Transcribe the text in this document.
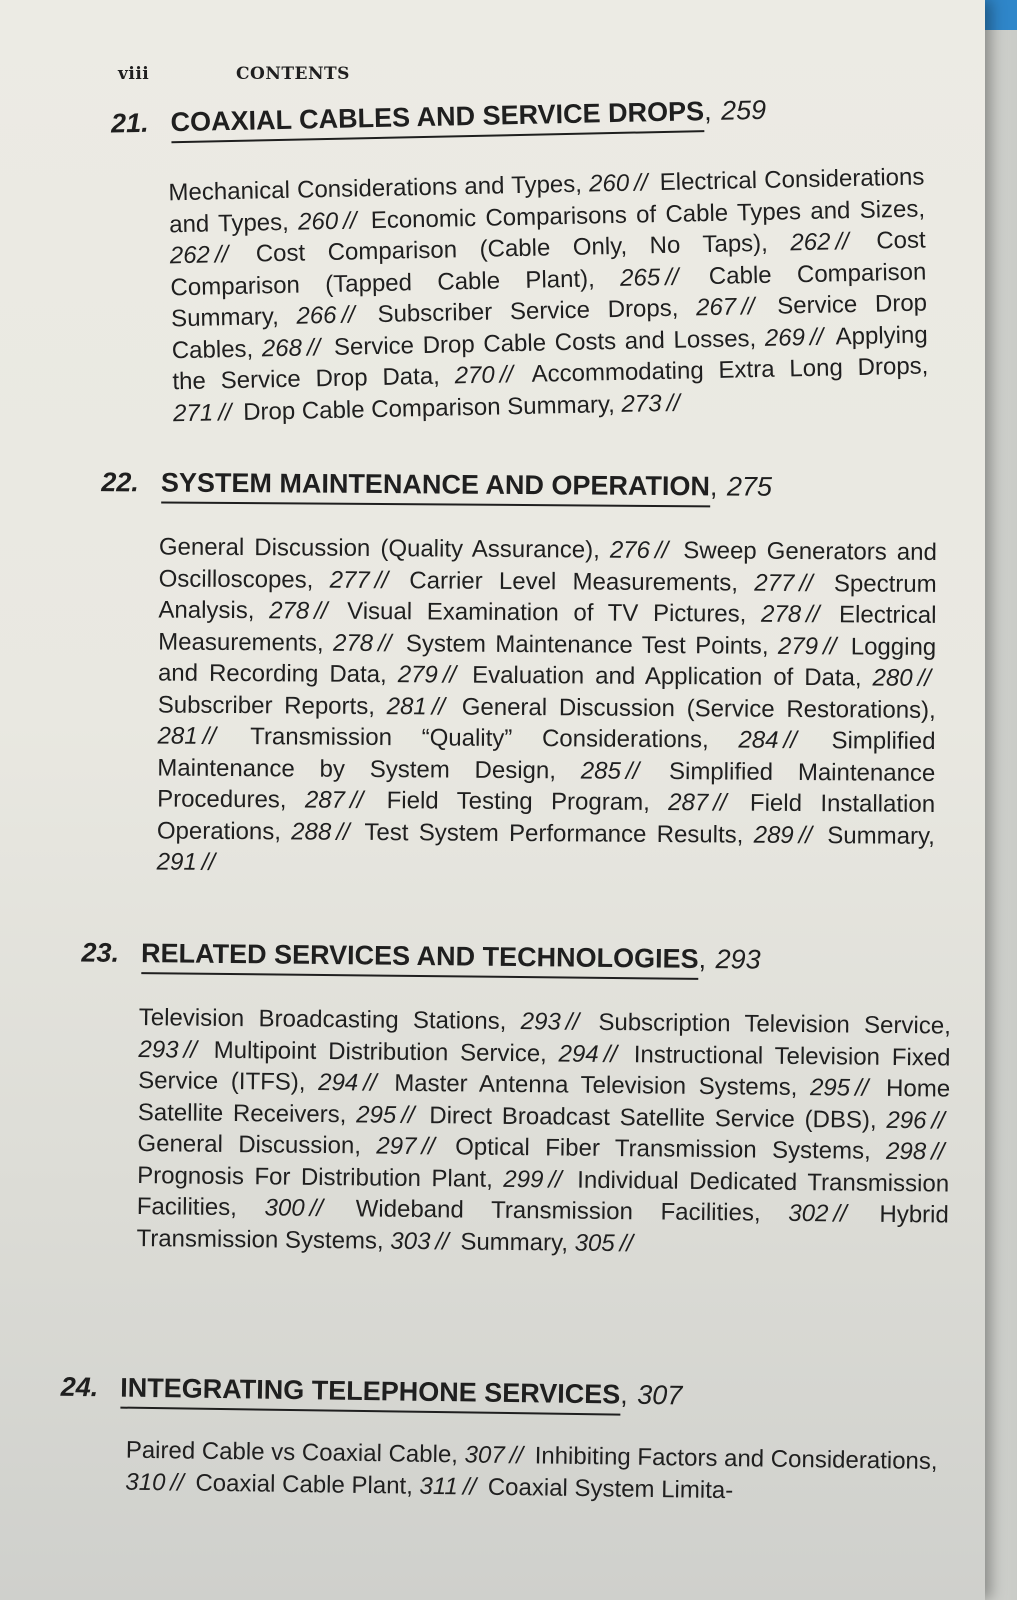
viii	CONTENTS
21. COAXIAL CABLES AND SERVICE DROPS, 259
Mechanical Considerations and Types, 260 // Electrical Considerations and Types, 260 // Economic Comparisons of Cable Types and Sizes, 262 // Cost Comparison (Cable Only, No Taps), 262 // Cost Comparison (Tapped Cable Plant), 265 // Cable Comparison Summary, 266 // Subscriber Service Drops, 267 // Service Drop Cables, 268 // Service Drop Cable Costs and Losses, 269 // Applying the Service Drop Data, 270 // Accommodating Extra Long Drops, 271 // Drop Cable Comparison Summary, 273 //
22. SYSTEM MAINTENANCE AND OPERATION, 275
General Discussion (Quality Assurance), 276 // Sweep Generators and Oscilloscopes, 277 // Carrier Level Measurements, 277 // Spectrum Analysis, 278 // Visual Examination of TV Pictures, 278 // Electrical Measurements, 278 // System Maintenance Test Points, 279 // Logging and Recording Data, 279 // Evaluation and Application of Data, 280 // Subscriber Reports, 281 // General Discussion (Service Restorations), 281 // Transmission “Quality” Considerations, 284 // Simplified Maintenance by System Design, 285 // Simplified Maintenance Procedures, 287 // Field Testing Program, 287 // Field Installation Operations, 288 // Test System Performance Results, 289 // Summary, 291 //
23. RELATED SERVICES AND TECHNOLOGIES, 293
Television Broadcasting Stations, 293 // Subscription Television Service, 293 // Multipoint Distribution Service, 294 // Instructional Television Fixed Service (ITFS), 294 // Master Antenna Television Systems, 295 // Home Satellite Receivers, 295 // Direct Broadcast Satellite Service (DBS), 296 // General Discussion, 297 // Optical Fiber Transmission Systems, 298 // Prognosis For Distribution Plant, 299 // Individual Dedicated Transmission Facilities, 300 // Wideband Transmission Facilities, 302 // Hybrid Transmission Systems, 303 // Summary, 305 //
24. INTEGRATING TELEPHONE SERVICES, 307
Paired Cable vs Coaxial Cable, 307 // Inhibiting Factors and Considerations, 310 // Coaxial Cable Plant, 311 // Coaxial System Limita-
